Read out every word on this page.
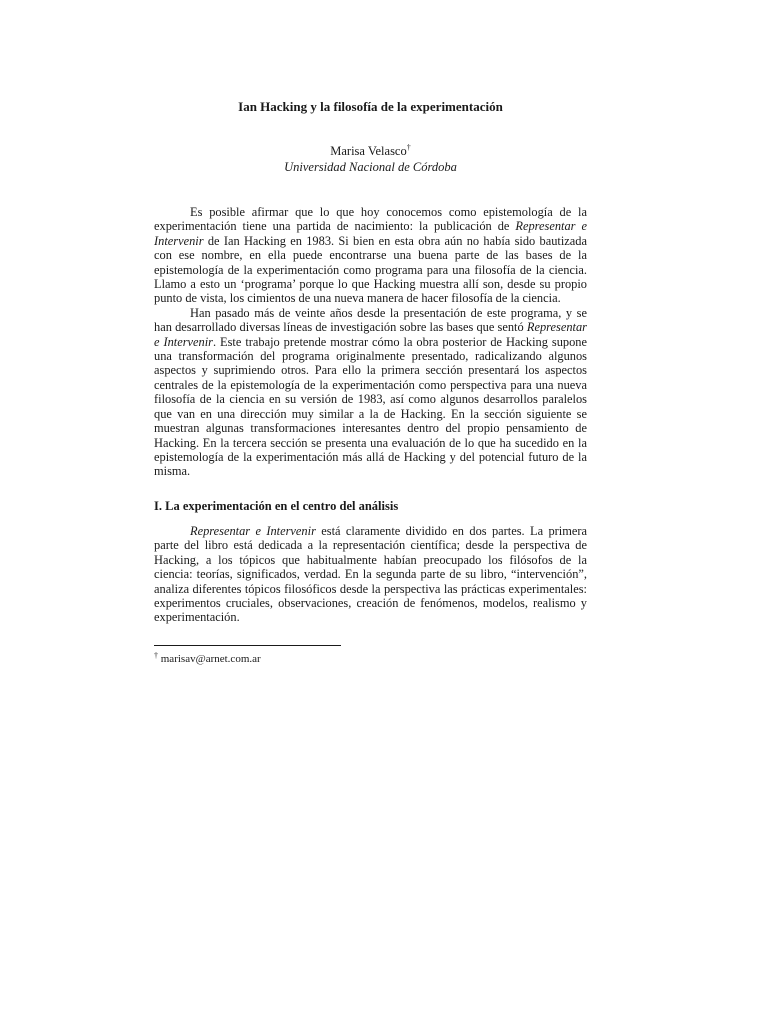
Ian Hacking y la filosofía de la experimentación
Marisa Velasco†
Universidad Nacional de Córdoba

Es posible afirmar que lo que hoy conocemos como epistemología de la experimentación tiene una partida de nacimiento: la publicación de Representar e Intervenir de Ian Hacking en 1983. Si bien en esta obra aún no había sido bautizada con ese nombre, en ella puede encontrarse una buena parte de las bases de la epistemología de la experimentación como programa para una filosofía de la ciencia. Llamo a esto un ‘programa’ porque lo que Hacking muestra allí son, desde su propio punto de vista, los cimientos de una nueva manera de hacer filosofía de la ciencia.

Han pasado más de veinte años desde la presentación de este programa, y se han desarrollado diversas líneas de investigación sobre las bases que sentó Representar e Intervenir. Este trabajo pretende mostrar cómo la obra posterior de Hacking supone una transformación del programa originalmente presentado, radicalizando algunos aspectos y suprimiendo otros. Para ello la primera sección presentará los aspectos centrales de la epistemología de la experimentación como perspectiva para una nueva filosofía de la ciencia en su versión de 1983, así como algunos desarrollos paralelos que van en una dirección muy similar a la de Hacking. En la sección siguiente se muestran algunas transformaciones interesantes dentro del propio pensamiento de Hacking. En la tercera sección se presenta una evaluación de lo que ha sucedido en la epistemología de la experimentación más allá de Hacking y del potencial futuro de la misma.

I. La experimentación en el centro del análisis

Representar e Intervenir está claramente dividido en dos partes. La primera parte del libro está dedicada a la representación científica; desde la perspectiva de Hacking, a los tópicos que habitualmente habían preocupado los filósofos de la ciencia: teorías, significados, verdad. En la segunda parte de su libro, “intervención”, analiza diferentes tópicos filosóficos desde la perspectiva las prácticas experimentales: experimentos cruciales, observaciones, creación de fenómenos, modelos, realismo y experimentación.

† marisav@arnet.com.ar
